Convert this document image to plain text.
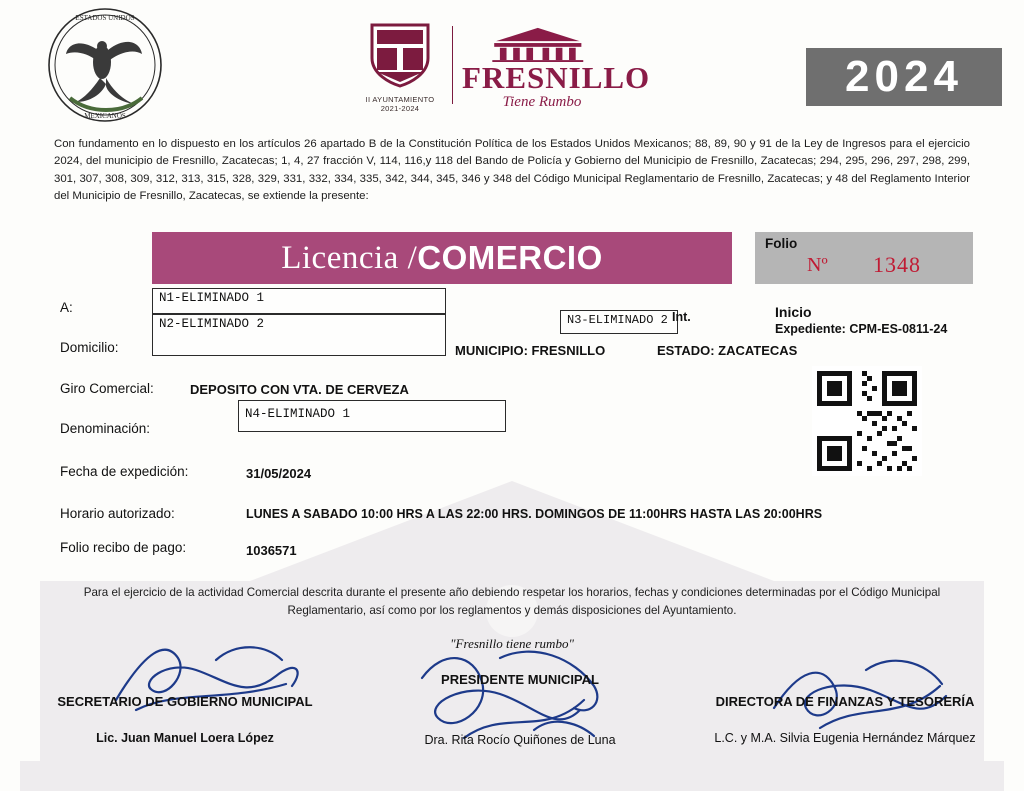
ESTADOS UNIDOS
MEXICANOS
II AYUNTAMIENTO
2021-2024
FRESNILLO
Tiene Rumbo
2024
Con fundamento en lo dispuesto en los artículos 26 apartado B de la Constitución Política de los Estados Unidos Mexicanos; 88, 89, 90 y 91 de la Ley de Ingresos para el ejercicio 2024, del municipio de Fresnillo, Zacatecas; 1, 4, 27 fracción V, 114, 116,y 118 del Bando de Policía y Gobierno del Municipio de Fresnillo, Zacatecas; 294, 295, 296, 297, 298, 299, 301, 307, 308, 309, 312, 313, 315, 328, 329, 331, 332, 334, 335, 342, 344, 345, 346 y 348 del Código Municipal Reglamentario de Fresnillo, Zacatecas; y 48 del Reglamento Interior del Municipio de Fresnillo, Zacatecas, se extiende la presente:
Licencia / COMERCIO	Folio
Nº 1348
A:
N1-ELIMINADO 1
Domicilio:
N2-ELIMINADO 2	N3-ELIMINADO 2 Int.
MUNICIPIO: FRESNILLO	ESTADO: ZACATECAS
Inicio
Expediente: CPM-ES-0811-24
Giro Comercial:	DEPOSITO CON VTA. DE CERVEZA
Denominación:
N4-ELIMINADO 1
Fecha de expedición:	31/05/2024
Horario autorizado:	LUNES A SABADO 10:00 HRS A LAS 22:00 HRS. DOMINGOS DE 11:00HRS HASTA LAS 20:00HRS
Folio recibo de pago:	1036571
Para el ejercicio de la actividad Comercial descrita durante el presente año debiendo respetar los horarios, fechas y condiciones determinadas por el Código Municipal Reglamentario, así como por los reglamentos y demás disposiciones del Ayuntamiento.
"Fresnillo tiene rumbo"
SECRETARIO DE GOBIERNO MUNICIPAL
Lic. Juan Manuel Loera López
PRESIDENTE MUNICIPAL
Dra. Rita Rocío Quiñones de Luna
DIRECTORA DE FINANZAS Y TESORERÍA
L.C. y M.A. Silvia Eugenia Hernández Márquez
